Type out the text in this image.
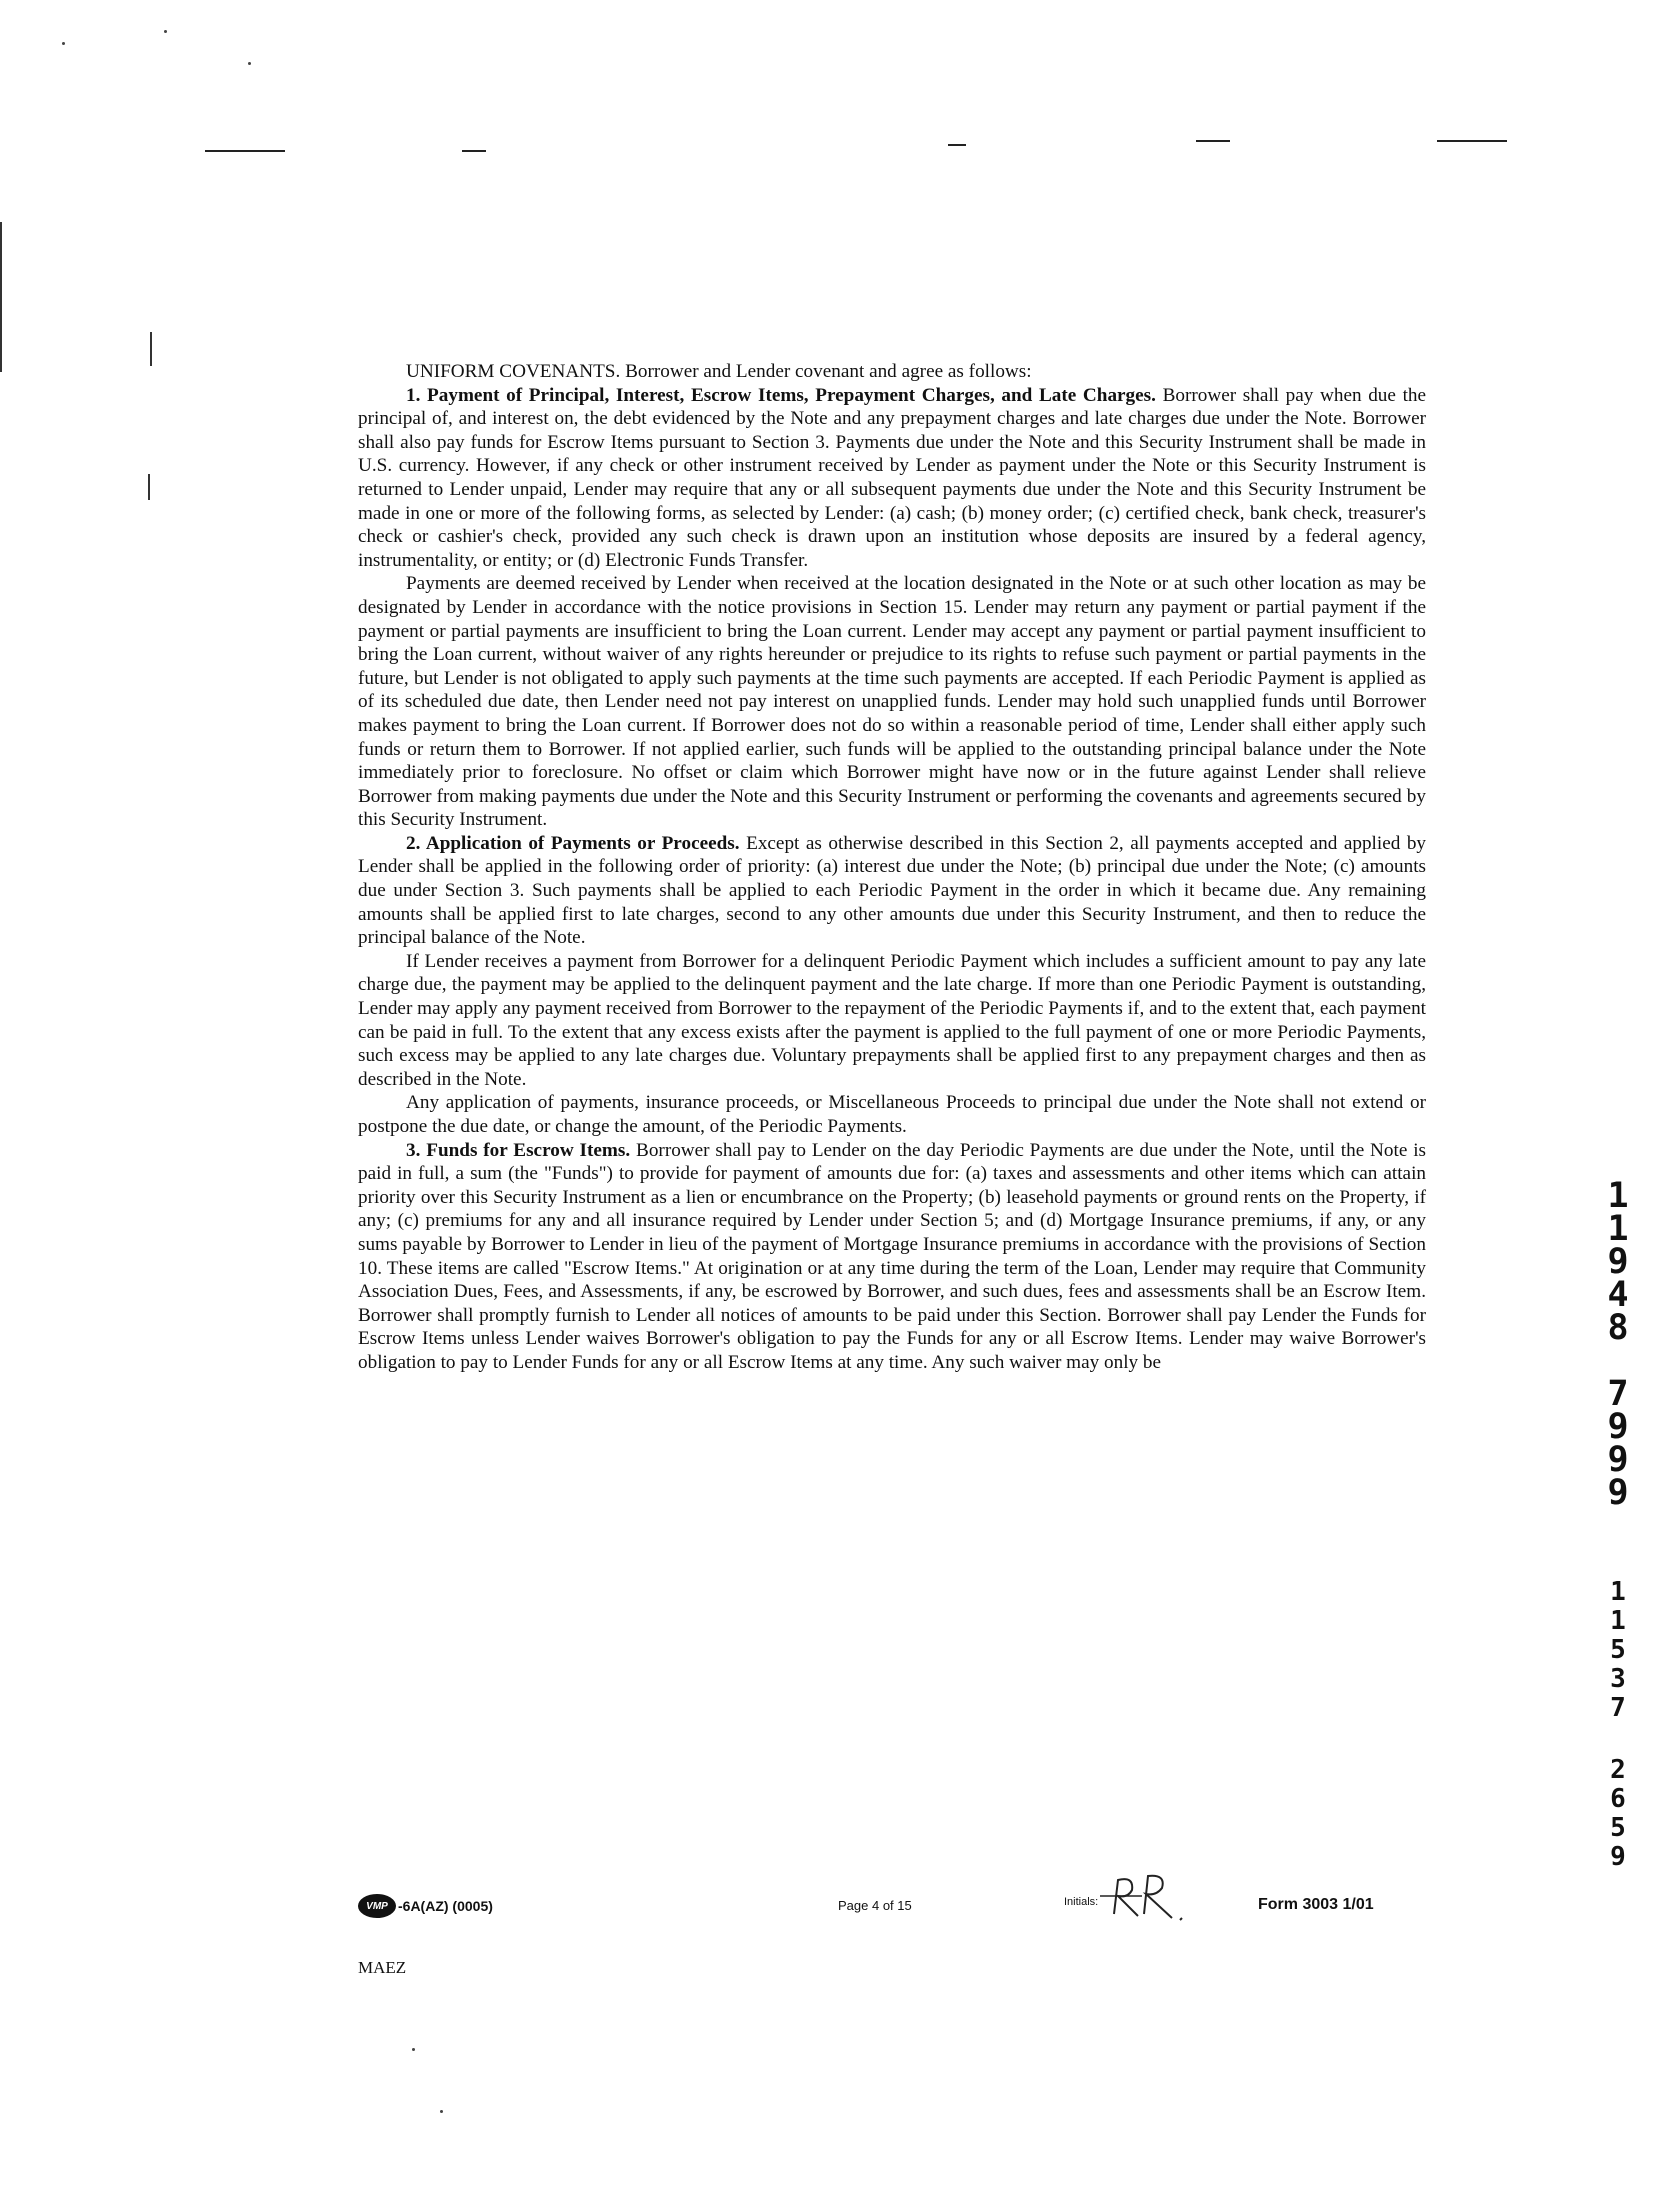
UNIFORM COVENANTS. Borrower and Lender covenant and agree as follows:

1. Payment of Principal, Interest, Escrow Items, Prepayment Charges, and Late Charges. Borrower shall pay when due the principal of, and interest on, the debt evidenced by the Note and any prepayment charges and late charges due under the Note. Borrower shall also pay funds for Escrow Items pursuant to Section 3. Payments due under the Note and this Security Instrument shall be made in U.S. currency. However, if any check or other instrument received by Lender as payment under the Note or this Security Instrument is returned to Lender unpaid, Lender may require that any or all subsequent payments due under the Note and this Security Instrument be made in one or more of the following forms, as selected by Lender: (a) cash; (b) money order; (c) certified check, bank check, treasurer's check or cashier's check, provided any such check is drawn upon an institution whose deposits are insured by a federal agency, instrumentality, or entity; or (d) Electronic Funds Transfer.

Payments are deemed received by Lender when received at the location designated in the Note or at such other location as may be designated by Lender in accordance with the notice provisions in Section 15. Lender may return any payment or partial payment if the payment or partial payments are insufficient to bring the Loan current. Lender may accept any payment or partial payment insufficient to bring the Loan current, without waiver of any rights hereunder or prejudice to its rights to refuse such payment or partial payments in the future, but Lender is not obligated to apply such payments at the time such payments are accepted. If each Periodic Payment is applied as of its scheduled due date, then Lender need not pay interest on unapplied funds. Lender may hold such unapplied funds until Borrower makes payment to bring the Loan current. If Borrower does not do so within a reasonable period of time, Lender shall either apply such funds or return them to Borrower. If not applied earlier, such funds will be applied to the outstanding principal balance under the Note immediately prior to foreclosure. No offset or claim which Borrower might have now or in the future against Lender shall relieve Borrower from making payments due under the Note and this Security Instrument or performing the covenants and agreements secured by this Security Instrument.

2. Application of Payments or Proceeds. Except as otherwise described in this Section 2, all payments accepted and applied by Lender shall be applied in the following order of priority: (a) interest due under the Note; (b) principal due under the Note; (c) amounts due under Section 3. Such payments shall be applied to each Periodic Payment in the order in which it became due. Any remaining amounts shall be applied first to late charges, second to any other amounts due under this Security Instrument, and then to reduce the principal balance of the Note.

If Lender receives a payment from Borrower for a delinquent Periodic Payment which includes a sufficient amount to pay any late charge due, the payment may be applied to the delinquent payment and the late charge. If more than one Periodic Payment is outstanding, Lender may apply any payment received from Borrower to the repayment of the Periodic Payments if, and to the extent that, each payment can be paid in full. To the extent that any excess exists after the payment is applied to the full payment of one or more Periodic Payments, such excess may be applied to any late charges due. Voluntary prepayments shall be applied first to any prepayment charges and then as described in the Note.

Any application of payments, insurance proceeds, or Miscellaneous Proceeds to principal due under the Note shall not extend or postpone the due date, or change the amount, of the Periodic Payments.

3. Funds for Escrow Items. Borrower shall pay to Lender on the day Periodic Payments are due under the Note, until the Note is paid in full, a sum (the "Funds") to provide for payment of amounts due for: (a) taxes and assessments and other items which can attain priority over this Security Instrument as a lien or encumbrance on the Property; (b) leasehold payments or ground rents on the Property, if any; (c) premiums for any and all insurance required by Lender under Section 5; and (d) Mortgage Insurance premiums, if any, or any sums payable by Borrower to Lender in lieu of the payment of Mortgage Insurance premiums in accordance with the provisions of Section 10. These items are called "Escrow Items." At origination or at any time during the term of the Loan, Lender may require that Community Association Dues, Fees, and Assessments, if any, be escrowed by Borrower, and such dues, fees and assessments shall be an Escrow Item. Borrower shall promptly furnish to Lender all notices of amounts to be paid under this Section. Borrower shall pay Lender the Funds for Escrow Items unless Lender waives Borrower's obligation to pay the Funds for any or all Escrow Items. Lender may waive Borrower's obligation to pay to Lender Funds for any or all Escrow Items at any time. Any such waiver may only be

1
1
9
4
8
7
9
9
9
1
1
5
3
7
2
6
5
9
VMP -6A(AZ) (0005)	Page 4 of 15	Initials:	Form 3003 1/01
MAEZ
